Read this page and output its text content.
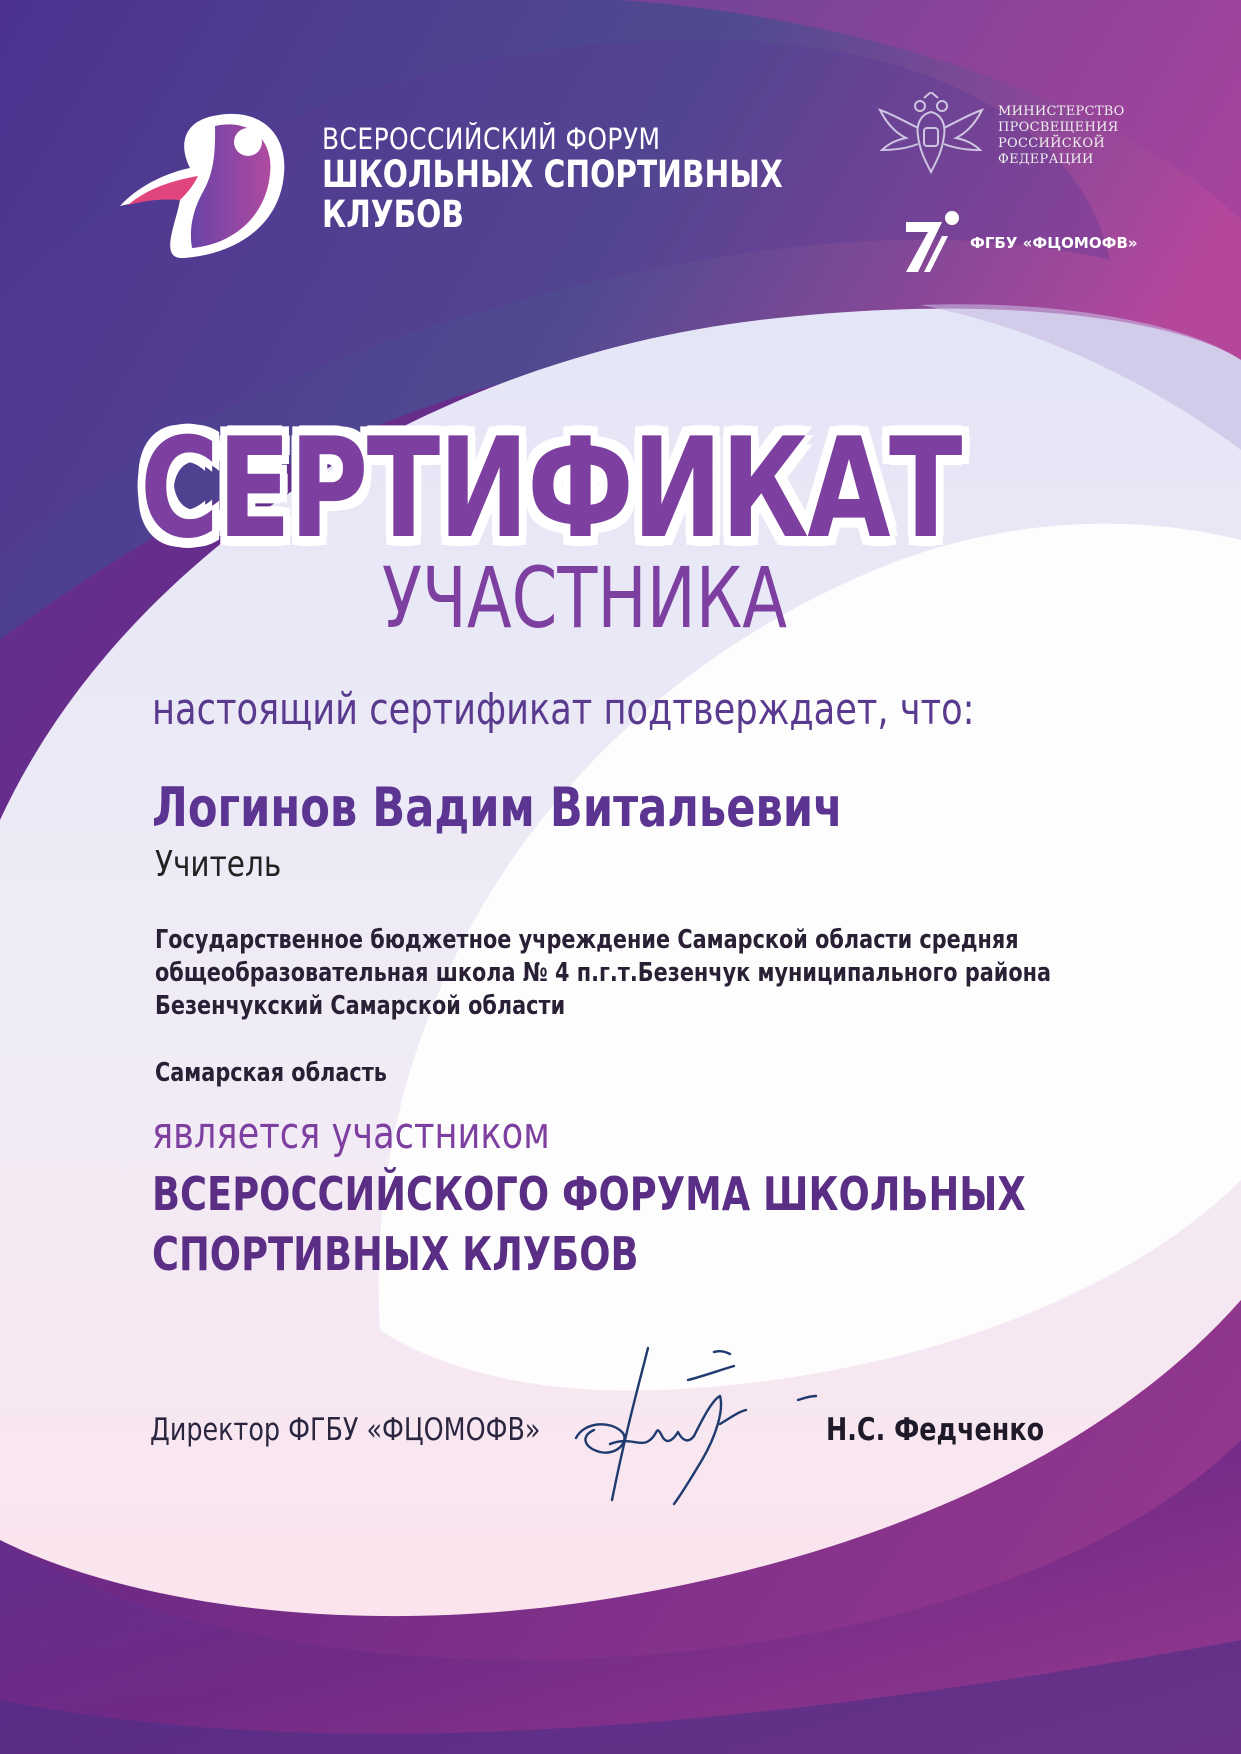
ВСЕРОССИЙСКИЙ ФОРУМ
ШКОЛЬНЫХ СПОРТИВНЫХ
КЛУБОВ
МИНИСТЕРСТВО
ПРОСВЕЩЕНИЯ
РОССИЙСКОЙ
ФЕДЕРАЦИИ
ФГБУ «ФЦОМОФВ»
СЕРТИФИКАТ
УЧАСТНИКА
настоящий сертификат подтверждает, что:
Логинов Вадим Витальевич
Учитель
Государственное бюджетное учреждение Самарской области средняя
общеобразовательная школа № 4 п.г.т.Безенчук муниципального района
Безенчукский Самарской области
Самарская область
является участником
ВСЕРОССИЙСКОГО ФОРУМА ШКОЛЬНЫХ
СПОРТИВНЫХ КЛУБОВ
Директор ФГБУ «ФЦОМОФВ»	Н.С. Федченко
